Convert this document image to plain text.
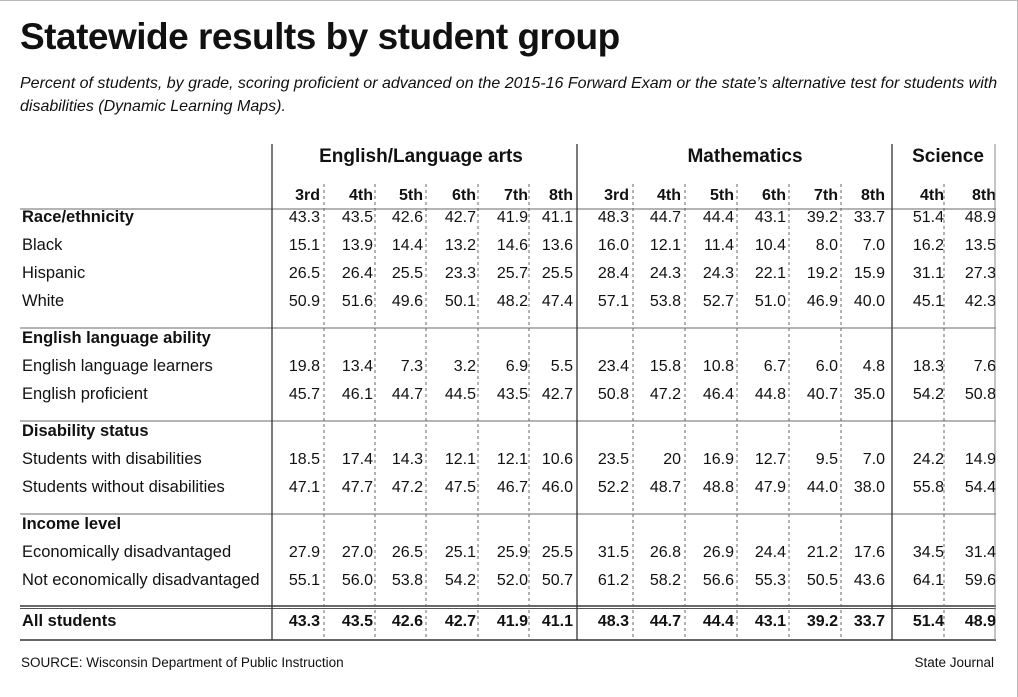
Statewide results by student group

Percent of students, by grade, scoring proficient or advanced on the 2015-16 Forward Exam or the state’s alternative test for students with disabilities (Dynamic Learning Maps).

English/Language arts
3rd 4th 5th 6th 7th 8th
Mathematics
3rd 4th 5th 6th 7th 8th
Science
4th 8th
Race/ethnicity	43.3 43.5 42.6 42.7 41.9 41.1 48.3 44.7 44.4 43.1 39.2 33.7 51.4 48.9
Black	15.1 13.9 14.4 13.2 14.6 13.6 16.0 12.1 11.4 10.4 8.0 7.0 16.2 13.5
Hispanic	26.5 26.4 25.5 23.3 25.7 25.5 28.4 24.3 24.3 22.1 19.2 15.9 31.1 27.3
White	50.9 51.6 49.6 50.1 48.2 47.4 57.1 53.8 52.7 51.0 46.9 40.0 45.1 42.3
English language ability
English language learners	19.8 13.4 7.3 3.2 6.9 5.5 23.4 15.8 10.8 6.7 6.0 4.8 18.3 7.6
English proficient	45.7 46.1 44.7 44.5 43.5 42.7 50.8 47.2 46.4 44.8 40.7 35.0 54.2 50.8
Disability status
Students with disabilities	18.5 17.4 14.3 12.1 12.1 10.6 23.5 20 16.9 12.7 9.5 7.0 24.2 14.9
Students without disabilities	47.1 47.7 47.2 47.5 46.7 46.0 52.2 48.7 48.8 47.9 44.0 38.0 55.8 54.4
Income level
Economically disadvantaged	27.9 27.0 26.5 25.1 25.9 25.5 31.5 26.8 26.9 24.4 21.2 17.6 34.5 31.4
Not economically disadvantaged 55.1 56.0 53.8 54.2 52.0 50.7 61.2 58.2 56.6 55.3 50.5 43.6 64.1 59.6
All students	43.3 43.5 42.6 42.7 41.9 41.1 48.3 44.7 44.4 43.1 39.2 33.7 51.4 48.9
SOURCE: Wisconsin Department of Public Instruction	State Journal
